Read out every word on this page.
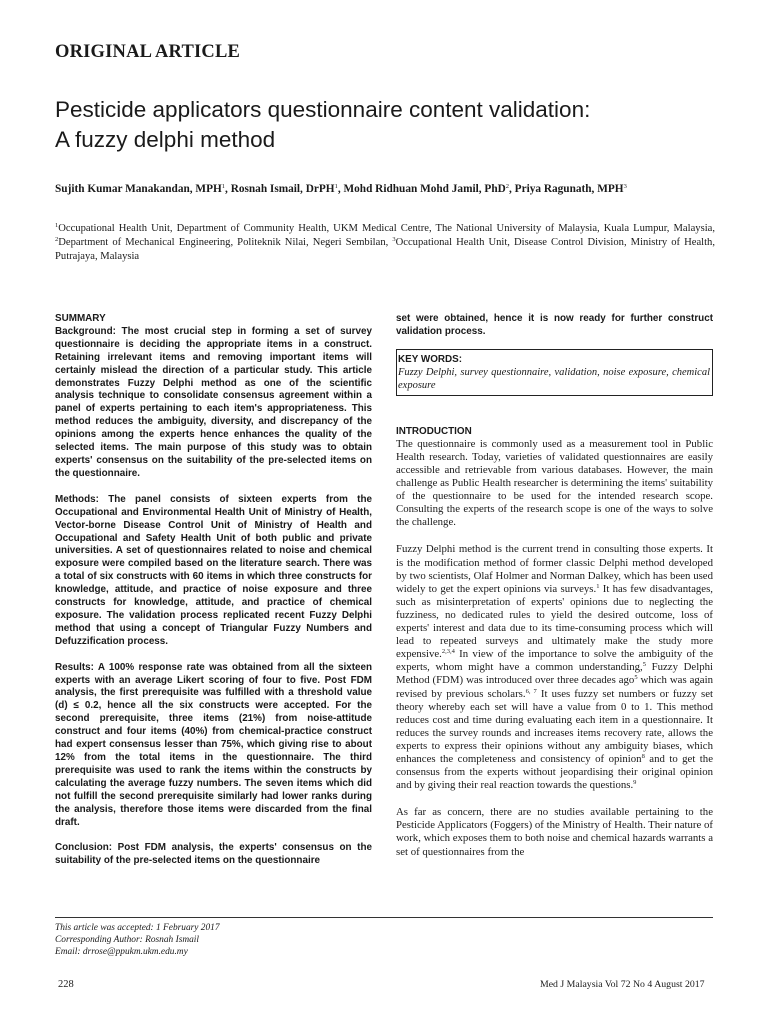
ORIGINAL ARTICLE
Pesticide applicators questionnaire content validation:
A fuzzy delphi method
Sujith Kumar Manakandan, MPH$^1$, Rosnah Ismail, DrPH$^1$, Mohd Ridhuan Mohd Jamil, PhD$^2$, Priya Ragunath, MPH$^3$
$^1$Occupational Health Unit, Department of Community Health, UKM Medical Centre, The National University of Malaysia, Kuala Lumpur, Malaysia, $^2$Department of Mechanical Engineering, Politeknik Nilai, Negeri Sembilan, $^3$Occupational Health Unit, Disease Control Division, Ministry of Health, Putrajaya, Malaysia
SUMMARY

Background: The most crucial step in forming a set of survey questionnaire is deciding the appropriate items in a construct. Retaining irrelevant items and removing important items will certainly mislead the direction of a particular study. This article demonstrates Fuzzy Delphi method as one of the scientific analysis technique to consolidate consensus agreement within a panel of experts pertaining to each item's appropriateness. This method reduces the ambiguity, diversity, and discrepancy of the opinions among the experts hence enhances the quality of the selected items. The main purpose of this study was to obtain experts' consensus on the suitability of the pre-selected items on the questionnaire.

Methods: The panel consists of sixteen experts from the Occupational and Environmental Health Unit of Ministry of Health, Vector-borne Disease Control Unit of Ministry of Health and Occupational and Safety Health Unit of both public and private universities. A set of questionnaires related to noise and chemical exposure were compiled based on the literature search. There was a total of six constructs with 60 items in which three constructs for knowledge, attitude, and practice of noise exposure and three constructs for knowledge, attitude, and practice of chemical exposure. The validation process replicated recent Fuzzy Delphi method that using a concept of Triangular Fuzzy Numbers and Defuzzification process.

Results: A 100% response rate was obtained from all the sixteen experts with an average Likert scoring of four to five. Post FDM analysis, the first prerequisite was fulfilled with a threshold value (d) ≤ 0.2, hence all the six constructs were accepted. For the second prerequisite, three items (21%) from noise-attitude construct and four items (40%) from chemical-practice construct had expert consensus lesser than 75%, which giving rise to about 12% from the total items in the questionnaire. The third prerequisite was used to rank the items within the constructs by calculating the average fuzzy numbers. The seven items which did not fulfill the second prerequisite similarly had lower ranks during the analysis, therefore those items were discarded from the final draft.

Conclusion: Post FDM analysis, the experts' consensus on the suitability of the pre-selected items on the questionnaire

set were obtained, hence it is now ready for further construct validation process.
KEY WORDS:
Fuzzy Delphi, survey questionnaire, validation, noise exposure, chemical exposure
INTRODUCTION

The questionnaire is commonly used as a measurement tool in Public Health research. Today, varieties of validated questionnaires are easily accessible and retrievable from various databases. However, the main challenge as Public Health researcher is determining the items' suitability of the questionnaire to be used for the intended research scope. Consulting the experts of the research scope is one of the ways to solve the challenge.

Fuzzy Delphi method is the current trend in consulting those experts. It is the modification method of former classic Delphi method developed by two scientists, Olaf Holmer and Norman Dalkey, which has been used widely to get the expert opinions via surveys.$^1$ It has few disadvantages, such as misinterpretation of experts' opinions due to neglecting the fuzziness, no dedicated rules to yield the desired outcome, loss of experts' interest and data due to its time-consuming process which will lead to repeated surveys and ultimately make the study more expensive.$^{2,3,4}$ In view of the importance to solve the ambiguity of the experts, whom might have a common understanding,$^5$ Fuzzy Delphi Method (FDM) was introduced over three decades ago$^5$ which was again revised by previous scholars.$^{6, 7}$ It uses fuzzy set numbers or fuzzy set theory whereby each set will have a value from 0 to 1. This method reduces cost and time during evaluating each item in a questionnaire. It reduces the survey rounds and increases items recovery rate, allows the experts to express their opinions without any ambiguity biases, which enhances the completeness and consistency of opinion$^8$ and to get the consensus from the experts without jeopardising their original opinion and by giving their real reaction towards the questions.$^9$

As far as concern, there are no studies available pertaining to the Pesticide Applicators (Foggers) of the Ministry of Health. Their nature of work, which exposes them to both noise and chemical hazards warrants a set of questionnaires from the

This article was accepted: 1 February 2017
Corresponding Author: Rosnah Ismail
Email: drrose@ppukm.ukm.edu.my
228	Med J Malaysia Vol 72 No 4 August 2017
